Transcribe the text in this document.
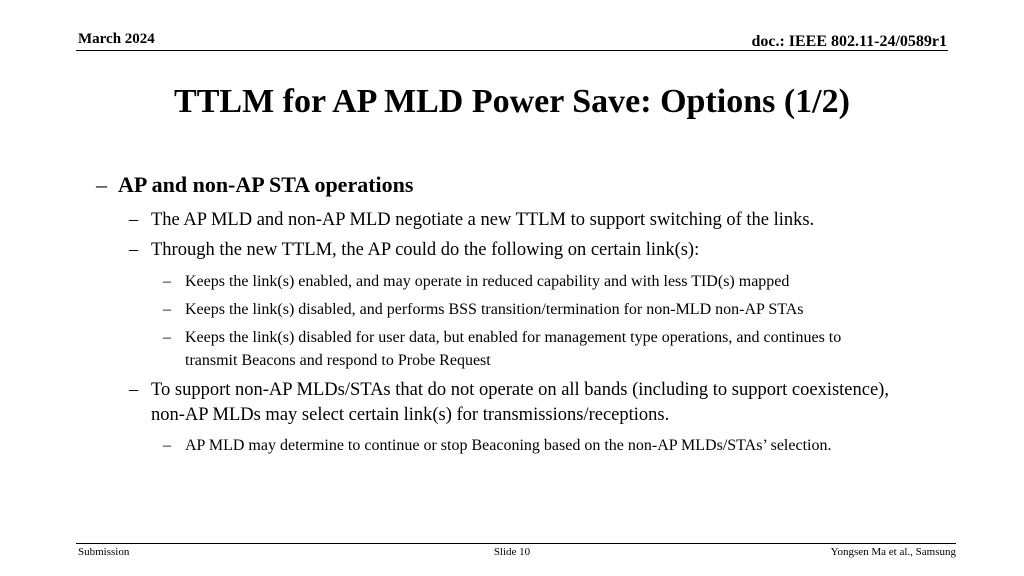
March 2024	doc.: IEEE 802.11-24/0589r1
TTLM for AP MLD Power Save: Options (1/2)
– AP and non-AP STA operations
– The AP MLD and non-AP MLD negotiate a new TTLM to support switching of the links.
– Through the new TTLM, the AP could do the following on certain link(s):
– Keeps the link(s) enabled, and may operate in reduced capability and with less TID(s) mapped
– Keeps the link(s) disabled, and performs BSS transition/termination for non-MLD non-AP STAs
– Keeps the link(s) disabled for user data, but enabled for management type operations, and continues to transmit Beacons and respond to Probe Request
– To support non-AP MLDs/STAs that do not operate on all bands (including to support coexistence), non-AP MLDs may select certain link(s) for transmissions/receptions.
– AP MLD may determine to continue or stop Beaconing based on the non-AP MLDs/STAs’ selection.
Submission	Slide 10	Yongsen Ma et al., Samsung
